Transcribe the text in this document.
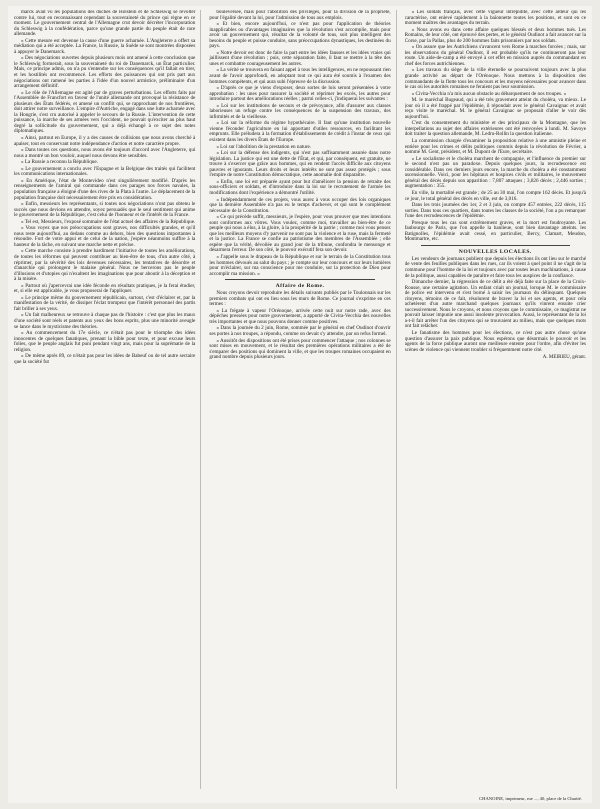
marck avait vu les populations des duchés de Holstein et de Schleswig se révolter contre lui, tout en reconnaissant cependant la souveraineté du prince qui règne en ce moment. Le gouvernement central de l'Allemagne crut devoir décréter l'incorporation du Schleswig à la confédération, parce qu'une grande partie du peuple était de race allemande.

« Cette mesure est devenue la cause d'une guerre acharnée. L'Angleterre a offert sa médiation qui a été acceptée. La France, la Russie, la Suède se sont montrées disposées à appuyer le Danemarck.

« Des négociations ouvertes depuis plusieurs mois ont amené à cette conclusion que le Schleswig formerait, sous la souveraineté du roi de Danemarck, un État particulier. Mais, ce principe admis, on n'a pu s'entendre sur les conséquences qu'il fallait en tirer, et les hostilités ont recommencé. Les efforts des puissances qui ont pris part aux négociations ont ramené les parties à l'idée d'un nouvel armistice, préliminaire d'un arrangement définitif.

« Le rôle de l'Allemagne est agité par de graves perturbations. Les efforts faits par l'Assemblée de Francfort en faveur de l'unité allemande ont provoqué la résistance de plusieurs des États fédérés, et amené un conflit qui, se rapprochant de nos frontières, doit attirer notre surveillance. L'empire d'Autriche, engagé dans une lutte acharnée avec la Hongrie, s'est cru autorisé à appeler le secours de la Russie. L'intervention de cette puissance, la marche de ses armées vers l'occident, ne pouvait qu'exciter au plus haut degré la sollicitude du gouvernement, qui a déjà échangé à ce sujet des notes diplomatiques.

« Ainsi, partout en Europe, il y a des causes de collisions que nous avons cherché à apaiser, tout en conservant notre indépendance d'action et notre caractère propre.

« Dans toutes ces questions, nous avons été toujours d'accord avec l'Angleterre, qui nous a montré un bon vouloir, auquel nous devons être sensibles.

« La Russie a reconnu la République.

« Le gouvernement a conclu avec l'Espagne et la Belgique des traités qui facilitent les communications internationales.

« En Amérique, l'état de Montevideo n'est singulièrement modifié. D'après les renseignements de l'amiral qui commande dans ces parages nos forces navales, la population française a éloigné d'une des rives de la Plata à l'autre. Le déplacement de la population française doit nécessairement être pris en considération.

« Enfin, messieurs les représentants, si toutes nos négociations n'ont pas obtenu le succès que nous devions en attendre, soyez persuadés que le seul sentiment qui anime le gouvernement de la République, c'est celui de l'honneur et de l'intérêt de la France.

« Tel est, Messieurs, l'exposé sommaire de l'état actuel des affaires de la République.

« Vous voyez que nos préoccupations sont graves, nos difficultés grandes, et qu'il nous reste aujourd'hui, au dedans comme au dehors, bien des questions importantes à résoudre. Fort de votre appui et de celui de la nation, j'espère néanmoins suffire à la hauteur de la tâche, en suivant une marche nette et précise.

« Cette marche consiste à prendre hardiment l'initiative de toutes les améliorations, de toutes les réformes qui peuvent contribuer au bien-être de tous, d'un autre côté, à réprimer, par la sévérité des lois devenues nécessaires, les tentatives de désordre et d'anarchie qui prolongent le malaise général. Nous ne bercerons pas le peuple d'illusions et d'utopies qui n'exaltent les imaginations que pour aboutir à la déception et à la misère.

« Partout où j'apercevrai une idée féconde en résultats pratiques, je la ferai étudier, et, si elle est applicable, je vous proposerai de l'appliquer.

« Le principe même du gouvernement républicain, surtout, c'est d'éclairer et, par la manifestation de la vérité, de dissiper l'éclat trompeur que l'intérêt personnel des partis fait briller à ses yeux.

« Un fait malheureux se retrouve à chaque pas de l'histoire : c'est que plus les maux d'une société sont réels et patents aux yeux des bons esprits, plus une minorité aveugle se lance dans le mysticisme des théories.

« Au commencement du 17e siècle, ce n'était pas pour le triomphe des idées innocentes de quelques fanatiques, prenant la bible pour texte, et pour excuse leurs folies, que le peuple anglais fut puni pendant vingt ans, mais pour la suprématie de la religion.

« De même après 89, ce n'était pas pour les idées de Babeuf ou de tel autre sectaire que la société fut

bouleversée, mais pour l'abolition des privilèges, pour la division de la propriété, pour l'égalité devant la loi, pour l'admission de tous aux emplois.

« Et bien, encore aujourd'hui, ce n'est pas pour l'application de théories inapplicables ou d'avantages imaginaires que la révolution s'est accomplie, mais pour avoir un gouvernement qui, résultat de la volonté de tous, soit plus intelligent des besoins du peuple et puisse conduire, sans préoccupations dynastiques, les destinées du pays.

« Notre devoir est donc de faire la part entre les idées fausses et les idées vraies qui jaillissent d'une révolution ; puis, cette séparation faite, il faut se mettre à la tête des unes et combattre courageusement les autres.

« La vérité se trouvera en faisant appel à tous les intelligences, en ne repoussant rien avant de l'avoir approfondi, en adoptant tout ce qui aura été soumis à l'examen des hommes compétents, et qui aura subi l'épreuve de la discussion.

« D'après ce que je viens d'exposer, deux sortes de lois seront présentées à votre approbation : les unes pour rassurer la société et réprimer les excès, les autres pour introduire partout des améliorations réelles ; parmi celles-ci, j'indiquerai les suivantes :

« Loi sur les institutions de secours et de prévoyance, afin d'assurer aux classes laborieuses un refuge contre les conséquences de la suspension des travaux, des infirmités et de la vieillesse.

« Loi sur la réforme du régime hypothécaire. Il faut qu'une institution nouvelle vienne féconder l'agriculture en lui apportant d'utiles ressources, en facilitant les emprunts. Elle préludera à la formation d'établissements de crédit à l'instar de ceux qui existent dans les divers États de l'Europe.

« Loi sur l'abolition de la prestation en nature.

« Loi sur la défense des indigents, qui n'est pas suffisamment assurée dans notre législation. La justice qui est une dette de l'État, et qui, par conséquent, est gratuite, ne trouve à s'exercer que grâce aux hommes, qui en rendent l'accès difficile aux citoyens pauvres et ignorants. Leurs droits et leurs intérêts ne sont pas assez protégés ; sous l'empire de notre Constitution démocratique, cette anomalie doit disparaître.

« Enfin, une loi est préparée ayant pour but d'améliorer la pension de retraite des sous-officiers et soldats, et d'introduire dans la loi sur le recrutement de l'armée les modifications dont l'expérience a démontré l'utilité.

« Indépendamment de ces projets, vous aurez à vous occuper des lois organiques que la dernière Assemblée n'a pas eu le temps d'achever, et qui sont le complément nécessaire de la Constitution.

« Ce qui précède suffit, messieurs, je l'espère, pour vous prouver que mes intentions sont conformes aux vôtres. Vous voulez, comme moi, travailler au bien-être de ce peuple qui nous a élus, à la gloire, à la prospérité de la patrie ; comme moi vous pensez que les meilleurs moyens d'y parvenir ne sont pas la violence et la ruse, mais la fermeté et la justice. La France se confie au patriotisme des membres de l'Assemblée ; elle espère que la vérité, dévoilée au grand jour de la tribune, confondra le mensonge et désarmera l'erreur. De son côté, le pouvoir exécutif fera son devoir.

« J'appelle sous le drapeau de la République et sur le terrain de la Constitution tous les hommes dévoués au salut du pays ; je compte sur leur concours et sur leurs lumières pour m'éclairer, sur ma conscience pour me conduire, sur la protection de Dieu pour accomplir ma mission. »

Affaire de Rome.

Nous croyons devoir reproduire les détails suivants publiés par le Toulonnais sur les premiers combats qui ont eu lieu sous les murs de Rome. Ce journal s'exprime en ces termes :

« La frégate à vapeur l'Orénoque, arrivée cette nuit sur notre rade, avec des dépêches pressées pour notre gouvernement, a apporté de Civita-Vecchia des nouvelles très importantes et que nous pouvons donner comme positives.

« Dans la journée du 2 juin, Rome, sommée par le général en chef Oudinot d'ouvrir ses portes à nos troupes, a répondu, comme on devait s'y attendre, par un refus formel.

« Aussitôt des dispositions ont été prises pour commencer l'attaque ; nos colonnes se sont mises en mouvement, et le résultat des premières opérations militaires a été de s'emparer des positions qui dominent la ville, et que les troupes romaines occupaient en grand nombre depuis plusieurs jours.

« Les soldats français, avec cette vigueur intrépidité, avec cette ardeur qui les caractérise, ont enlevé rapidement à la baïonnette toutes les positions, et sont en ce moment maîtres des avantages du terrain.

« Nous avons eu dans cette affaire quelques blessés et deux hommes tués. Les Romains, de leur côté, ont éprouvé des pertes, et le général Oudinot a fait avancer sur la Corse, par la Pallas, plus de 200 hommes faits prisonniers par nos soldats.

« On assure que les Autrichiens s'avancent vers Rome à marches forcées ; mais, sur les observations du général Oudinot, il est probable qu'ils ne continueront pas leur route. Un aide-de-camp a été envoyé à cet effet en mission auprès du commandant en chef des forces autrichiennes.

« Les travaux du siège de la ville éternelle se poursuivent toujours avec la plus grande activité au départ de l'Orénoque. Nous mettons à la disposition des commandants de la flotte tous les concours et les moyens nécessaires pour avancer dans le cas où les autorités romaines ne feraient pas leur soumission.

« Civita-Vecchia n'a mis aucun obstacle au débarquement de nos troupes. »

M. le maréchal Bugeaud, qui a été très gravement atteint du choléra, va mieux. Le jour où il a été frappé par l'épidémie, il répondait avec le général Cavaignac et avait reçu visite le maréchal. M. le général Cavaignac se proposait d'aller le voir dès aujourd'hui.

C'est du consentement du ministère et des principaux de la Montagne, que les interpellations au sujet des affaires extérieures ont été renvoyées à lundi. M. Savoye doit traiter la question allemande, M. Ledru-Rollin la question italienne.

La commission chargée d'examiner la proposition relative à une amnistie pleine et entière pour les crimes et délits politiques commis depuis la révolution de Février, a nommé M. Gent, président, et M. Dupont de l'Eure, secrétaire.

« Le socialisme et le choléra marchent de compagnie, et l'influence du premier sur le second n'est pas un paradoxe. Depuis quelques jours, la recrudescence est considérable. Dans ces derniers jours encore, la marche du choléra a été constamment ascensionnelle. Voici, pour les hôpitaux et hospices civils et militaires, le mouvement général des décès depuis son apparition : 7,807 attaques ; 3,826 décès ; 2,446 sorties ; augmentation : 355.

En ville, la mortalité est grande ; de 25 au 30 mai, l'on compte 162 décès. Et jusqu'à ce jour, le total général des décès en ville, est de 3,016.

Dans les trois journées des 1er, 2 et 3 juin, on compte 457 entrées, 222 décès, 115 sorties. Dans tous ces quartiers, dans toutes les classes de la société, l'on a pu remarquer l'une des recrudescences de l'épidémie.

Presque tous les cas sont extrêmement graves, et la mort est foudroyante. Les faubourgs de Paris, que l'on appelle la banlieue, sont bien davantage atteints. les Batignolles, l'épidémie avait cessé, en particulier, Bercy, Clamart, Meudon, Montmartre, etc.

NOUVELLES LOCALES.

Les vendeurs de journaux publient que depuis les élections ils ont lieu sur le marché de vente des feuilles publiques dans les rues, car ils voient à quel point il ne s'agit de la commune pour l'homme de la loi et toujours avec par toutes leurs machinations, à cause de la politique, aussi capables de paraître et faire tous les auspices de la confiance.

Dimanche dernier, la régression de ce délit a été déjà faite sur la place de la Croix-Rousse, une certaine agitation. Un enfant criait un journal, lorsque M. le commissaire de police est intervenu et s'est borné à saisir les journaux du délinquant. Quelques citoyens, témoins de ce fait, résolurent de braver la loi et ses agents, et pour cela achetèrent d'un autre marchand quelques journaux qu'ils vinrent ensuite crier successivement. Nous le croyons, et nous croyons que le commissaire, ce magistrat ne pouvait laisser impunie une aussi insolente provocation. Aussi, le représentant de la loi a-t-il fait arrêter l'un des citoyens qui se trouvaient au milieu, mais que quelques mots ont fait relâcher.

Le fanatisme des hommes pour les élections, ce n'est pas autre chose qu'une question d'assurer la paix publique. Nous espérons que désormais le pouvoir et les agents de la force publique auront une meilleure entente pour l'ordre, afin d'éviter les scènes de violence qui viennent troubler si fréquemment notre cité.

A. MEIRIEU, gérant.
CHANOINE, imprimeur, rue ..., 40, place de la Charité.
